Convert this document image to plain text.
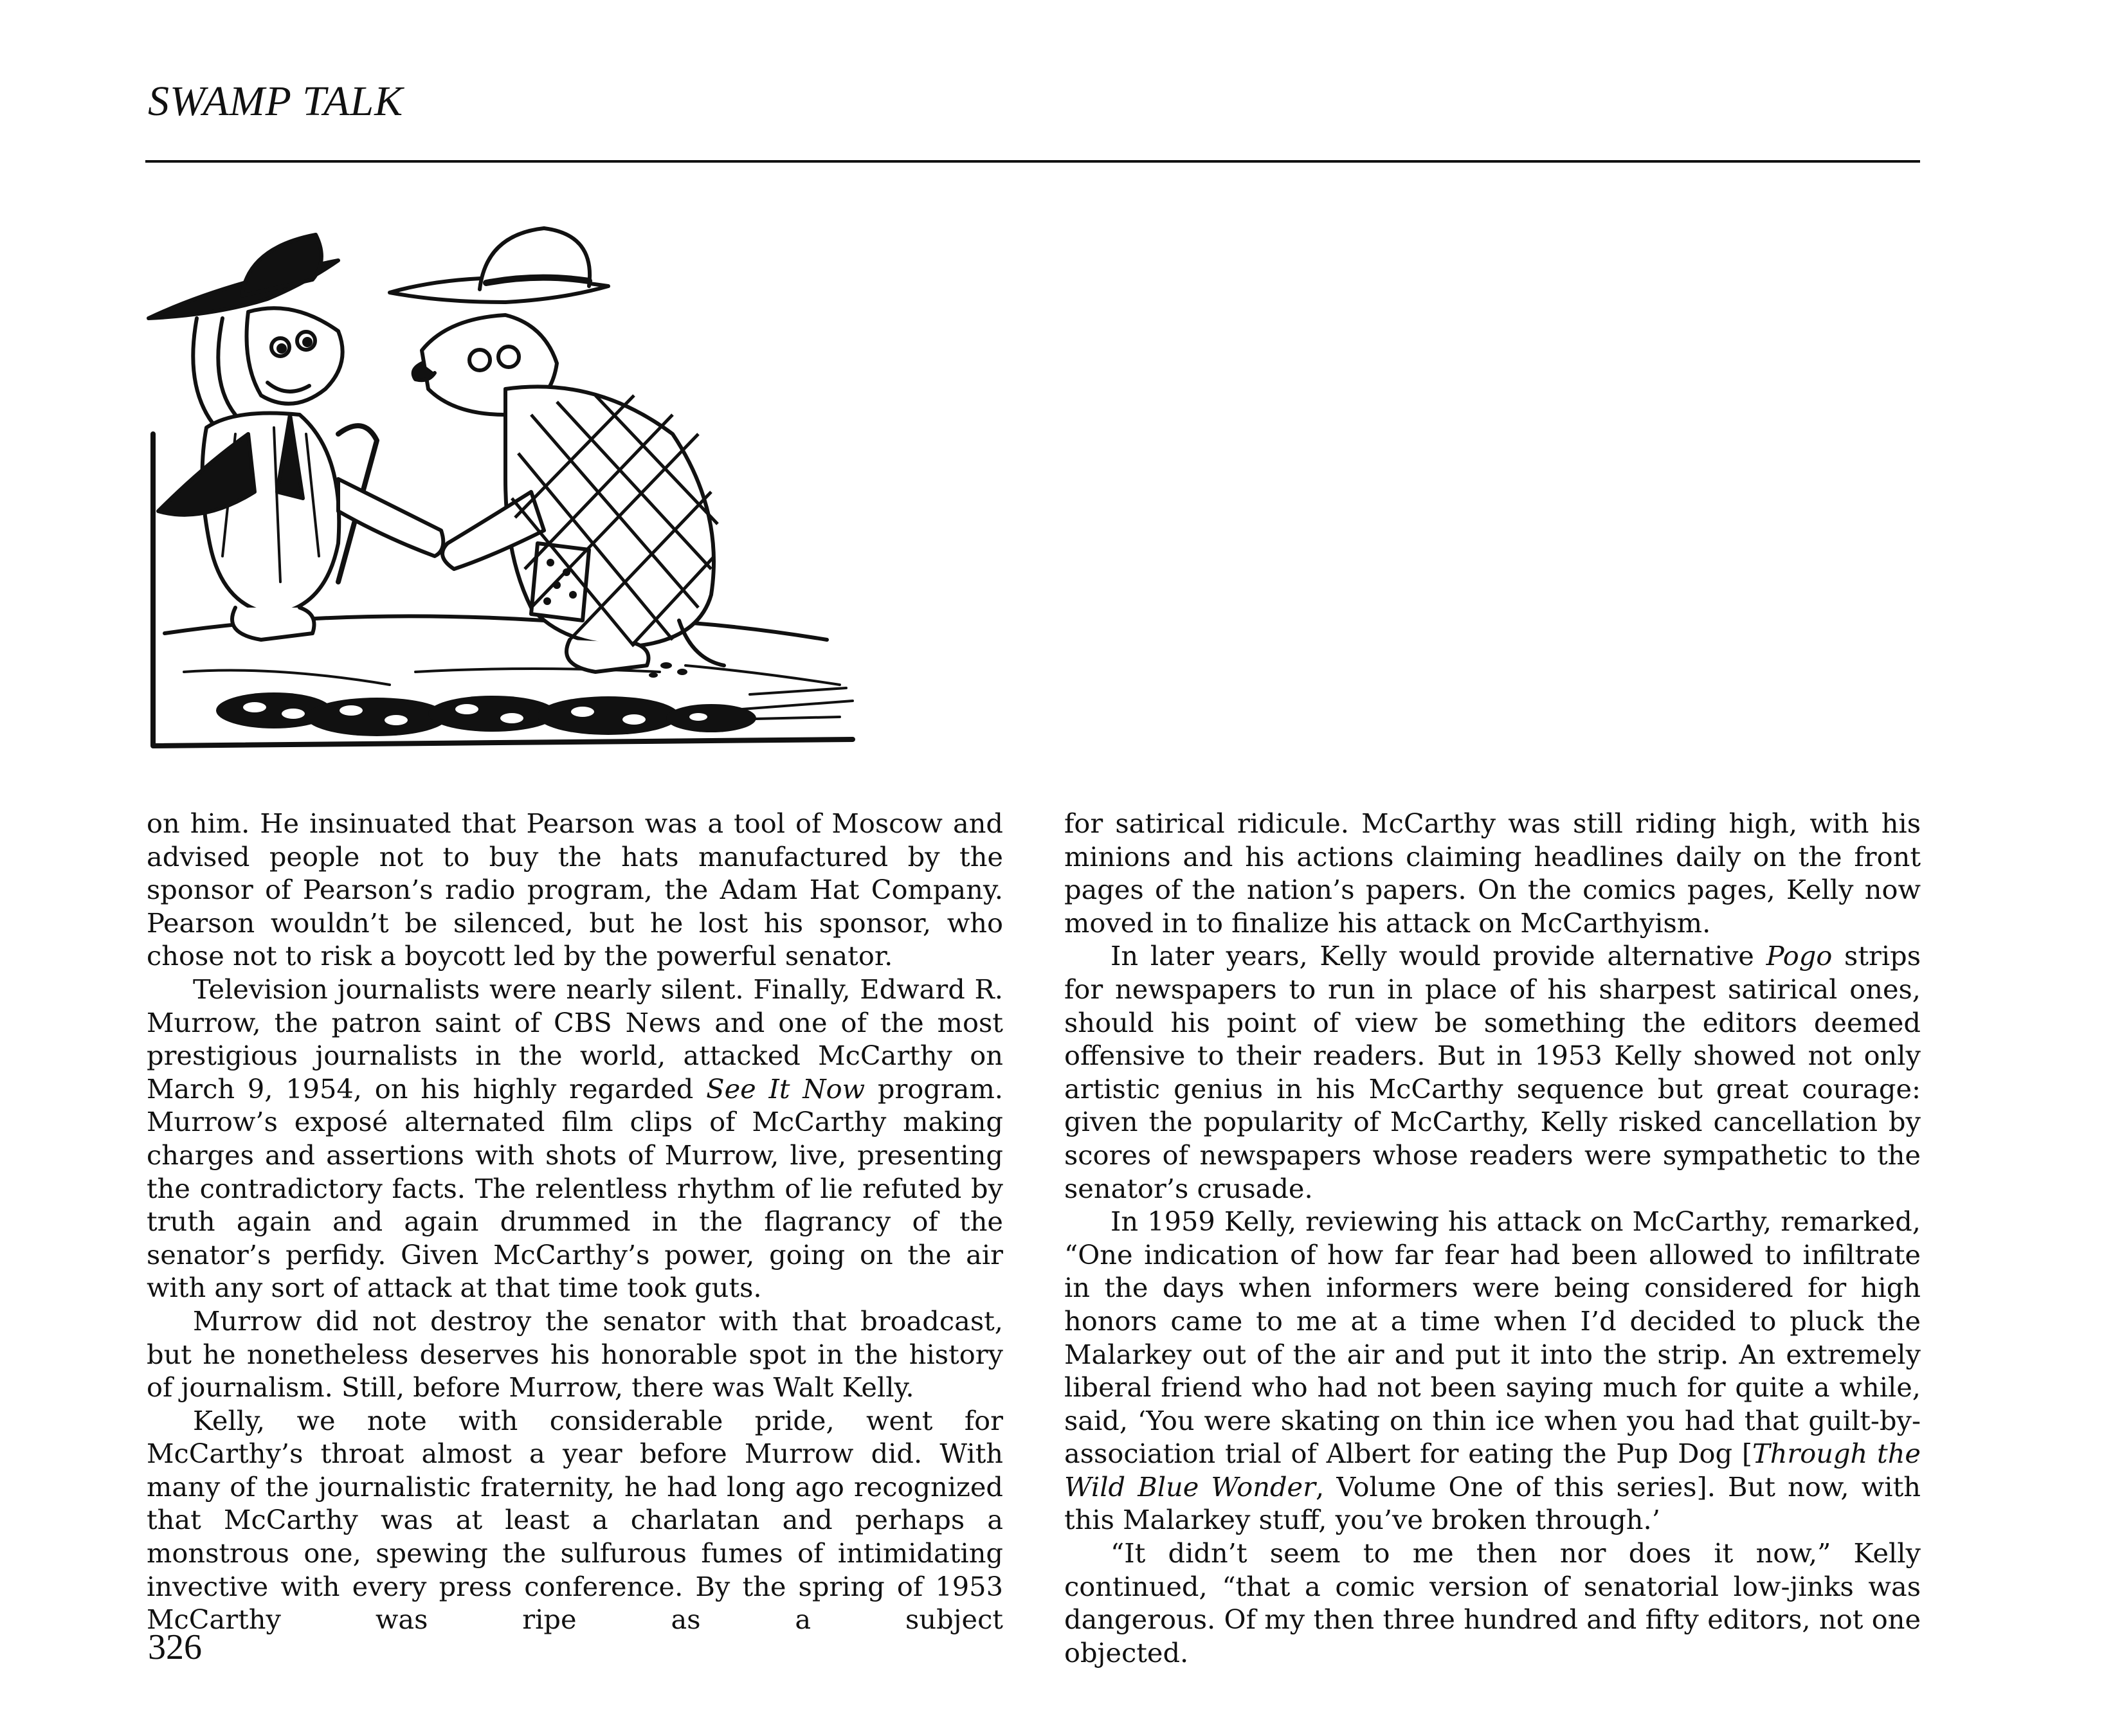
SWAMP TALK

on him. He insinuated that Pearson was a tool of Moscow and advised people not to buy the hats manufactured by the sponsor of Pearson’s radio program, the Adam Hat Company. Pearson wouldn’t be silenced, but he lost his sponsor, who chose not to risk a boycott led by the powerful senator.

Television journalists were nearly silent. Finally, Edward R. Murrow, the patron saint of CBS News and one of the most prestigious journalists in the world, attacked McCarthy on March 9, 1954, on his highly regarded See It Now program. Murrow’s exposé alternated film clips of McCarthy making charges and assertions with shots of Murrow, live, presenting the contradictory facts. The relentless rhythm of lie refuted by truth again and again drummed in the flagrancy of the senator’s perfidy. Given McCarthy’s power, going on the air with any sort of attack at that time took guts.

Murrow did not destroy the senator with that broadcast, but he nonetheless deserves his honorable spot in the history of journalism. Still, before Murrow, there was Walt Kelly.

Kelly, we note with considerable pride, went for McCarthy’s throat almost a year before Murrow did. With many of the journalistic fraternity, he had long ago recognized that McCarthy was at least a charlatan and perhaps a monstrous one, spewing the sulfurous fumes of intimidating invective with every press conference. By the spring of 1953 McCarthy was ripe as a subject

for satirical ridicule. McCarthy was still riding high, with his minions and his actions claiming headlines daily on the front pages of the nation’s papers. On the comics pages, Kelly now moved in to finalize his attack on McCarthyism.

In later years, Kelly would provide alternative Pogo strips for newspapers to run in place of his sharpest satirical ones, should his point of view be something the editors deemed offensive to their readers. But in 1953 Kelly showed not only artistic genius in his McCarthy sequence but great courage: given the popularity of McCarthy, Kelly risked cancellation by scores of newspapers whose readers were sympathetic to the senator’s crusade.

In 1959 Kelly, reviewing his attack on McCarthy, remarked, “One indication of how far fear had been allowed to infiltrate in the days when informers were being considered for high honors came to me at a time when I’d decided to pluck the Malarkey out of the air and put it into the strip. An extremely liberal friend who had not been saying much for quite a while, said, ‘You were skating on thin ice when you had that guilt-by-association trial of Albert for eating the Pup Dog [Through the Wild Blue Wonder, Volume One of this series]. But now, with this Malarkey stuff, you’ve broken through.’

“It didn’t seem to me then nor does it now,” Kelly continued, “that a comic version of senatorial low-jinks was dangerous. Of my then three hundred and fifty editors, not one objected.

326
